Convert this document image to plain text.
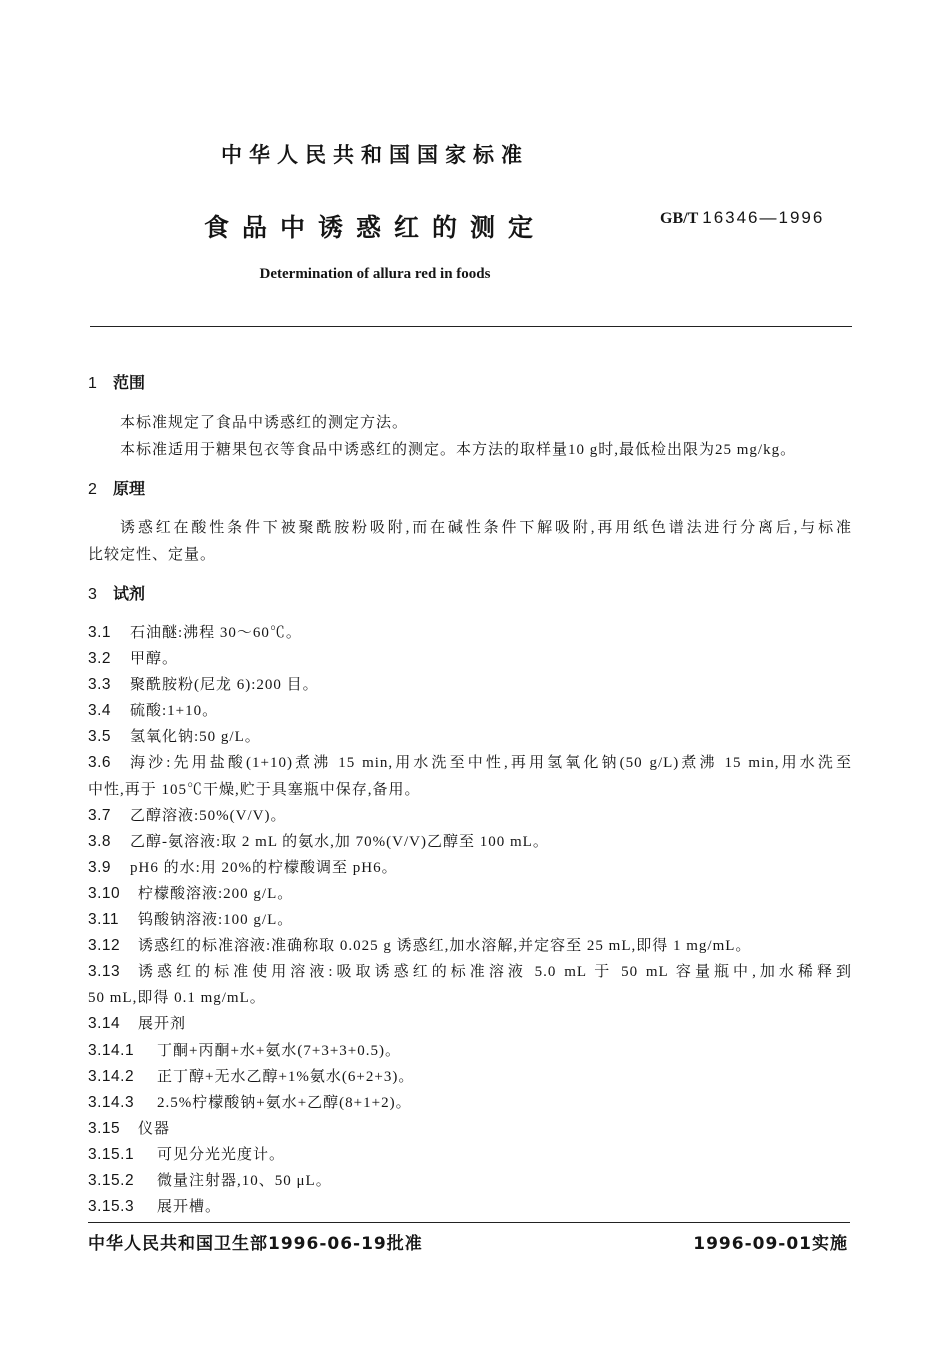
中华人民共和国国家标准
食品中诱惑红的测定	GB/T 16346—1996
Determination of allura red in foods
1 范围
本标准规定了食品中诱惑红的测定方法。
本标准适用于糖果包衣等食品中诱惑红的测定。本方法的取样量10 g时,最低检出限为25 mg/kg。
2 原理
诱惑红在酸性条件下被聚酰胺粉吸附,而在碱性条件下解吸附,再用纸色谱法进行分离后,与标准
比较定性、定量。
3 试剂
3.1	石油醚:沸程 30～60℃。
3.2	甲醇。
3.3	聚酰胺粉(尼龙 6):200 目。
3.4	硫酸:1+10。
3.5	氢氧化钠:50 g/L。
3.6	海沙:先用盐酸(1+10)煮沸 15 min,用水洗至中性,再用氢氧化钠(50 g/L)煮沸 15 min,用水洗至
中性,再于 105℃干燥,贮于具塞瓶中保存,备用。
3.7	乙醇溶液:50%(V/V)。
3.8	乙醇-氨溶液:取 2 mL 的氨水,加 70%(V/V)乙醇至 100 mL。
3.9	pH6 的水:用 20%的柠檬酸调至 pH6。
3.10	柠檬酸溶液:200 g/L。
3.11	钨酸钠溶液:100 g/L。
3.12	诱惑红的标准溶液:准确称取 0.025 g 诱惑红,加水溶解,并定容至 25 mL,即得 1 mg/mL。
3.13	诱惑红的标准使用溶液:吸取诱惑红的标准溶液 5.0 mL 于 50 mL 容量瓶中,加水稀释到
50 mL,即得 0.1 mg/mL。
3.14	展开剂
3.14.1	丁酮+丙酮+水+氨水(7+3+3+0.5)。
3.14.2	正丁醇+无水乙醇+1%氨水(6+2+3)。
3.14.3	2.5%柠檬酸钠+氨水+乙醇(8+1+2)。
3.15	仪器
3.15.1	可见分光光度计。
3.15.2	微量注射器,10、50 μL。
3.15.3	展开槽。
中华人民共和国卫生部1996-06-19批准	1996-09-01实施
